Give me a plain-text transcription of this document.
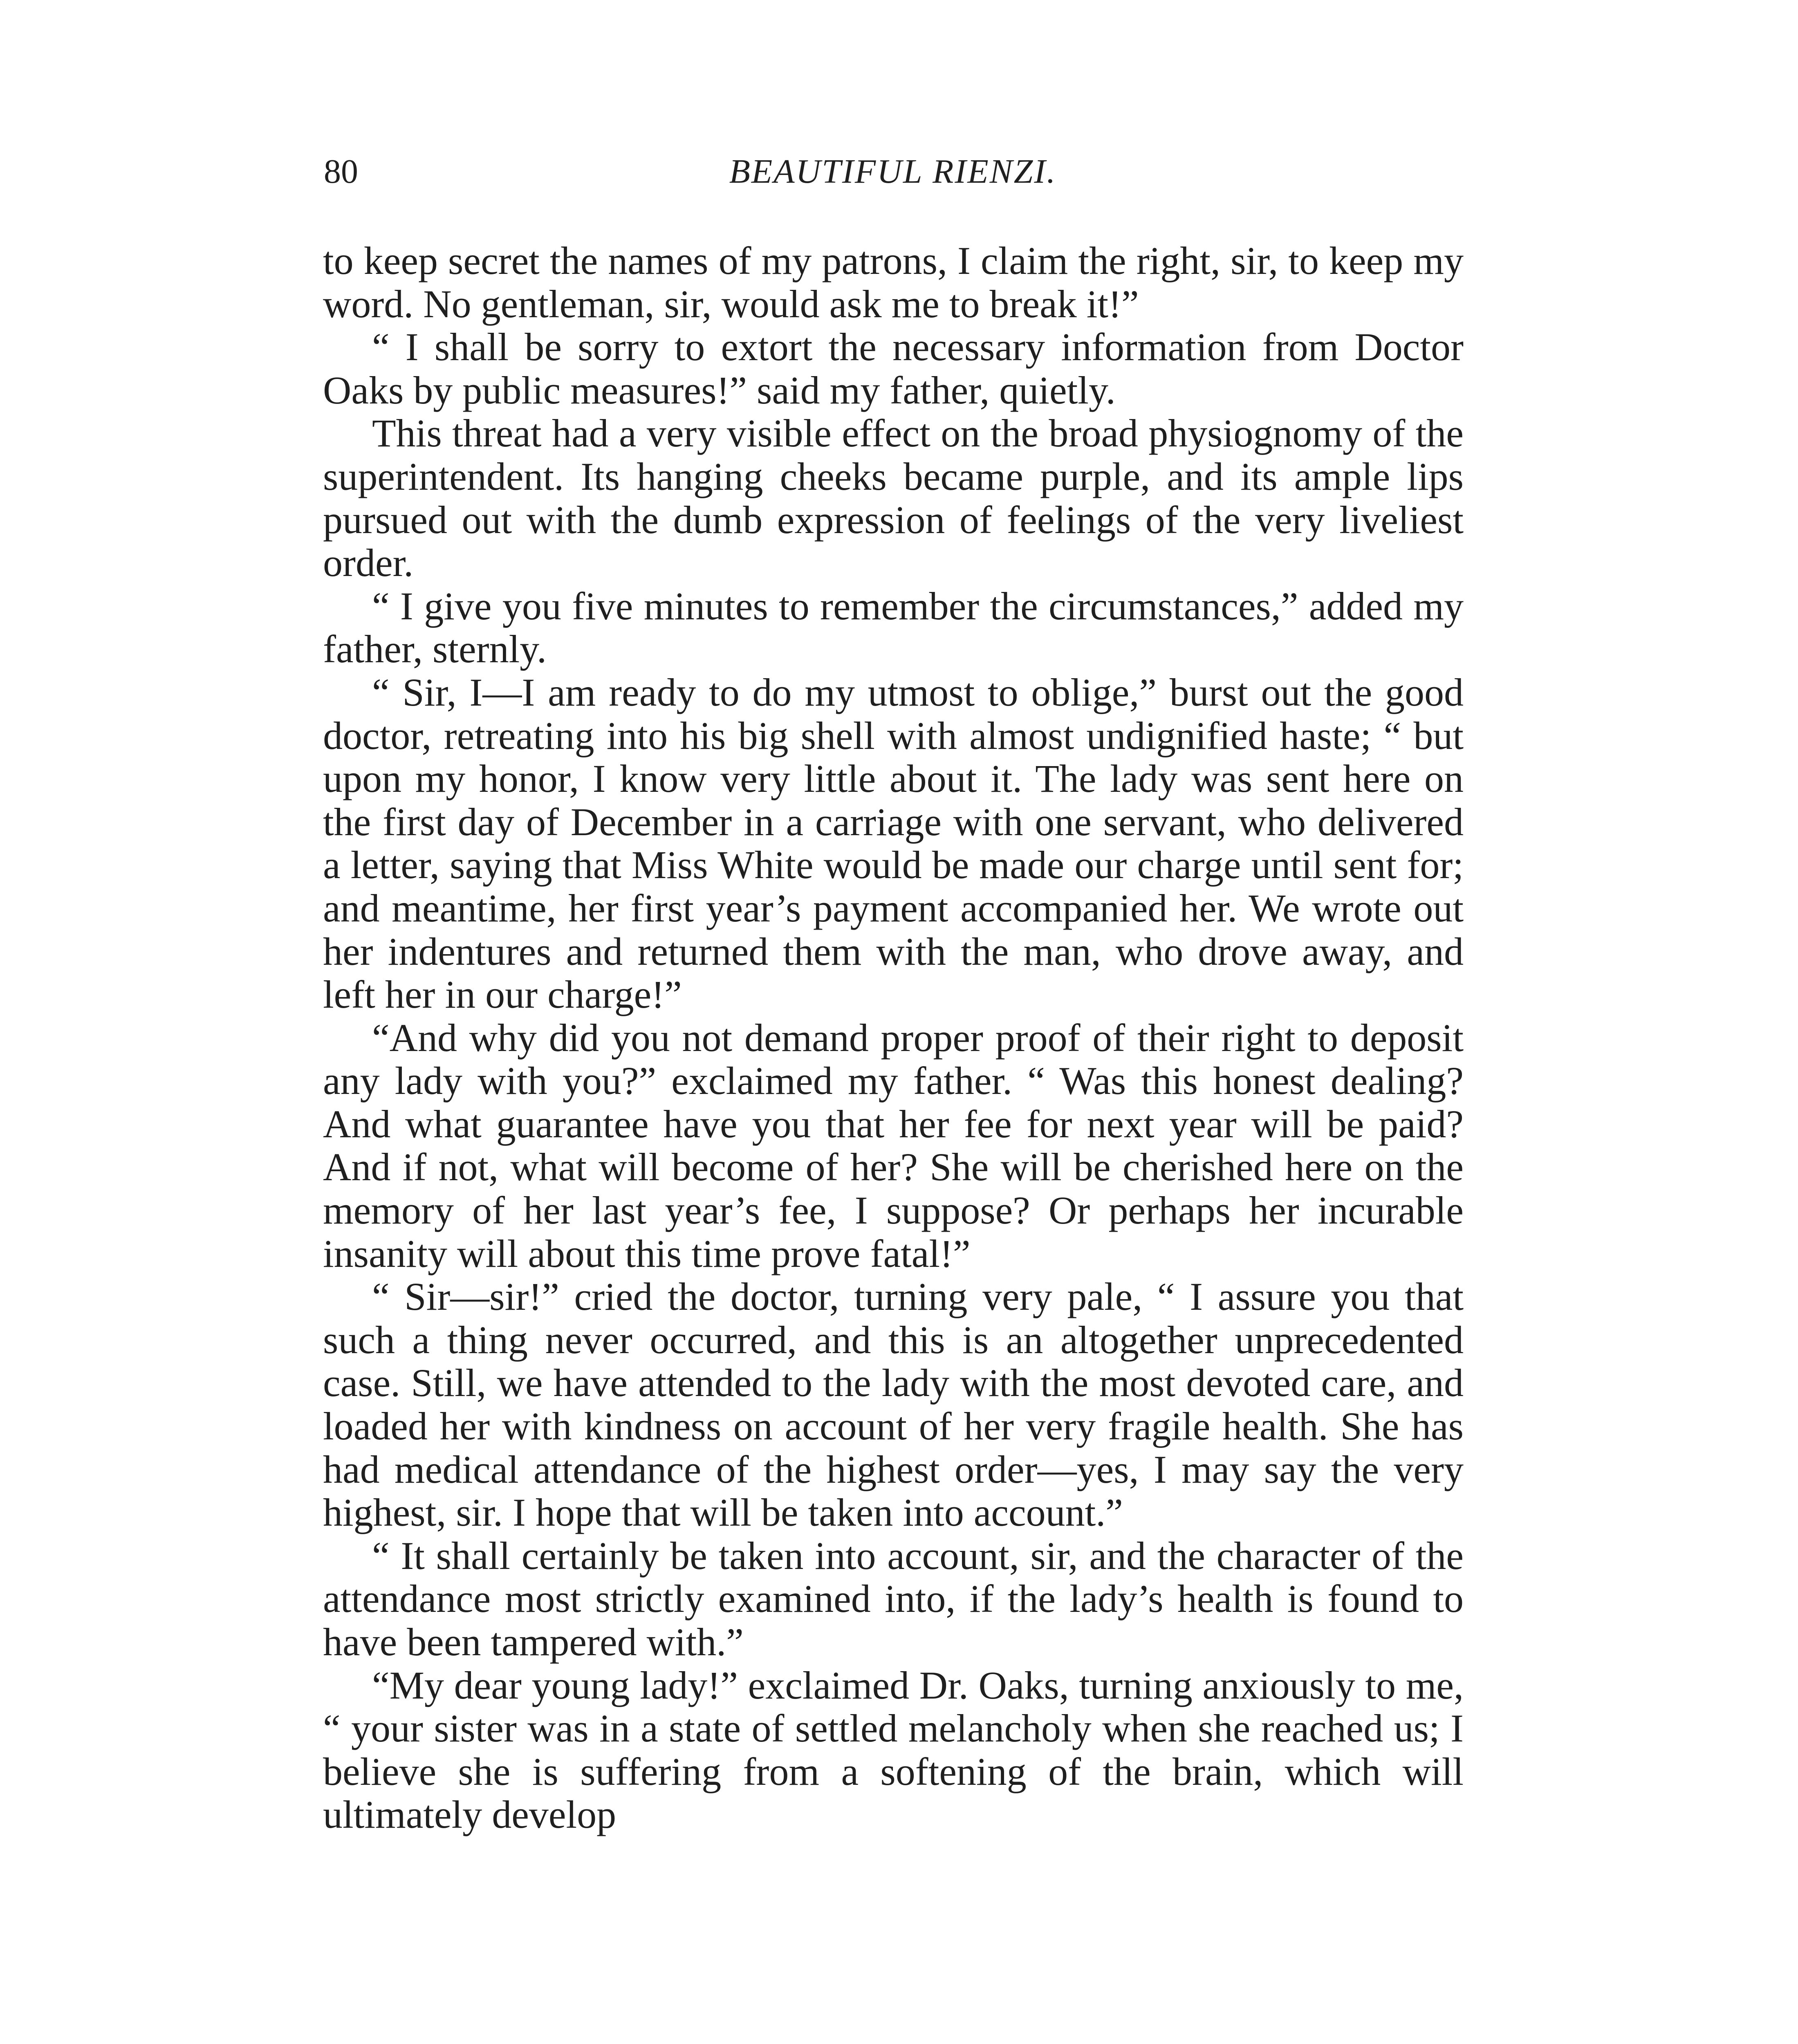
80	BEAUTIFUL RIENZI.

to keep secret the names of my patrons, I claim the right, sir, to keep my word. No gentleman, sir, would ask me to break it!”

“ I shall be sorry to extort the necessary information from Doctor Oaks by public measures!” said my father, quietly.

This threat had a very visible effect on the broad physiognomy of the superintendent. Its hanging cheeks became purple, and its ample lips pursued out with the dumb expression of feelings of the very liveliest order.

“ I give you five minutes to remember the circumstances,” added my father, sternly.

“ Sir, I—I am ready to do my utmost to oblige,” burst out the good doctor, retreating into his big shell with almost undignified haste; “ but upon my honor, I know very little about it. The lady was sent here on the first day of December in a carriage with one servant, who delivered a letter, saying that Miss White would be made our charge until sent for; and meantime, her first year’s payment accompanied her. We wrote out her indentures and returned them with the man, who drove away, and left her in our charge!”

“And why did you not demand proper proof of their right to deposit any lady with you?” exclaimed my father. “ Was this honest dealing? And what guarantee have you that her fee for next year will be paid? And if not, what will become of her? She will be cherished here on the memory of her last year’s fee, I suppose? Or perhaps her incurable insanity will about this time prove fatal!”

“ Sir—sir!” cried the doctor, turning very pale, “ I assure you that such a thing never occurred, and this is an altogether unprecedented case. Still, we have attended to the lady with the most devoted care, and loaded her with kindness on account of her very fragile health. She has had medical attendance of the highest order—yes, I may say the very highest, sir. I hope that will be taken into account.”

“ It shall certainly be taken into account, sir, and the character of the attendance most strictly examined into, if the lady’s health is found to have been tampered with.”

“My dear young lady!” exclaimed Dr. Oaks, turning anxiously to me, “ your sister was in a state of settled melancholy when she reached us; I believe she is suffering from a softening of the brain, which will ultimately develop
